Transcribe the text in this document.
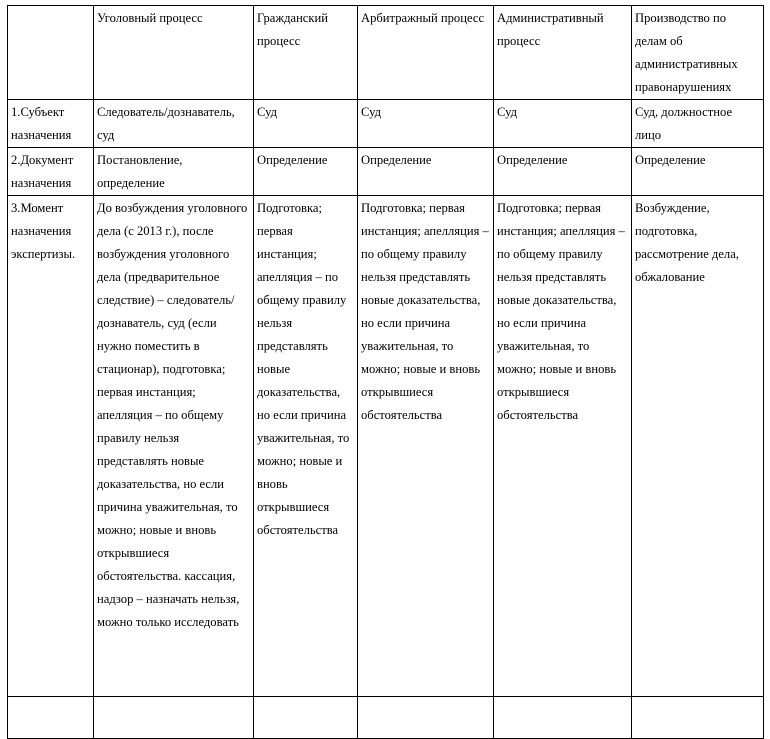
	Уголовный процесс	Гражданский процесс	Арбитражный процесс	Административный процесс	Производство по делам об административных правонарушениях
1.Субъект назначения	Следователь/дознаватель, суд	Суд	Суд	Суд	Суд, должностное лицо
2.Документ назначения	Постановление, определение	Определение	Определение	Определение	Определение
3.Момент назначения экспертизы.	До возбуждения уголовного дела (с 2013 г.), после возбуждения уголовного дела (предварительное следствие) – следователь/дознаватель, суд (если нужно поместить в стационар), подготовка; первая инстанция; апелляция – по общему правилу нельзя представлять новые доказательства, но если причина уважительная, то можно; новые и вновь открывшиеся обстоятельства. кассация, надзор – назначать нельзя, можно только исследовать	Подготовка; первая инстанция; апелляция – по общему правилу нельзя представлять новые доказательства, но если причина уважительная, то можно; новые и вновь открывшиеся обстоятельства	Подготовка; первая инстанция; апелляция – по общему правилу нельзя представлять новые доказательства, но если причина уважительная, то можно; новые и вновь открывшиеся обстоятельства	Подготовка; первая инстанция; апелляция – по общему правилу нельзя представлять новые доказательства, но если причина уважительная, то можно; новые и вновь открывшиеся обстоятельства	Возбуждение, подготовка, рассмотрение дела, обжалование
